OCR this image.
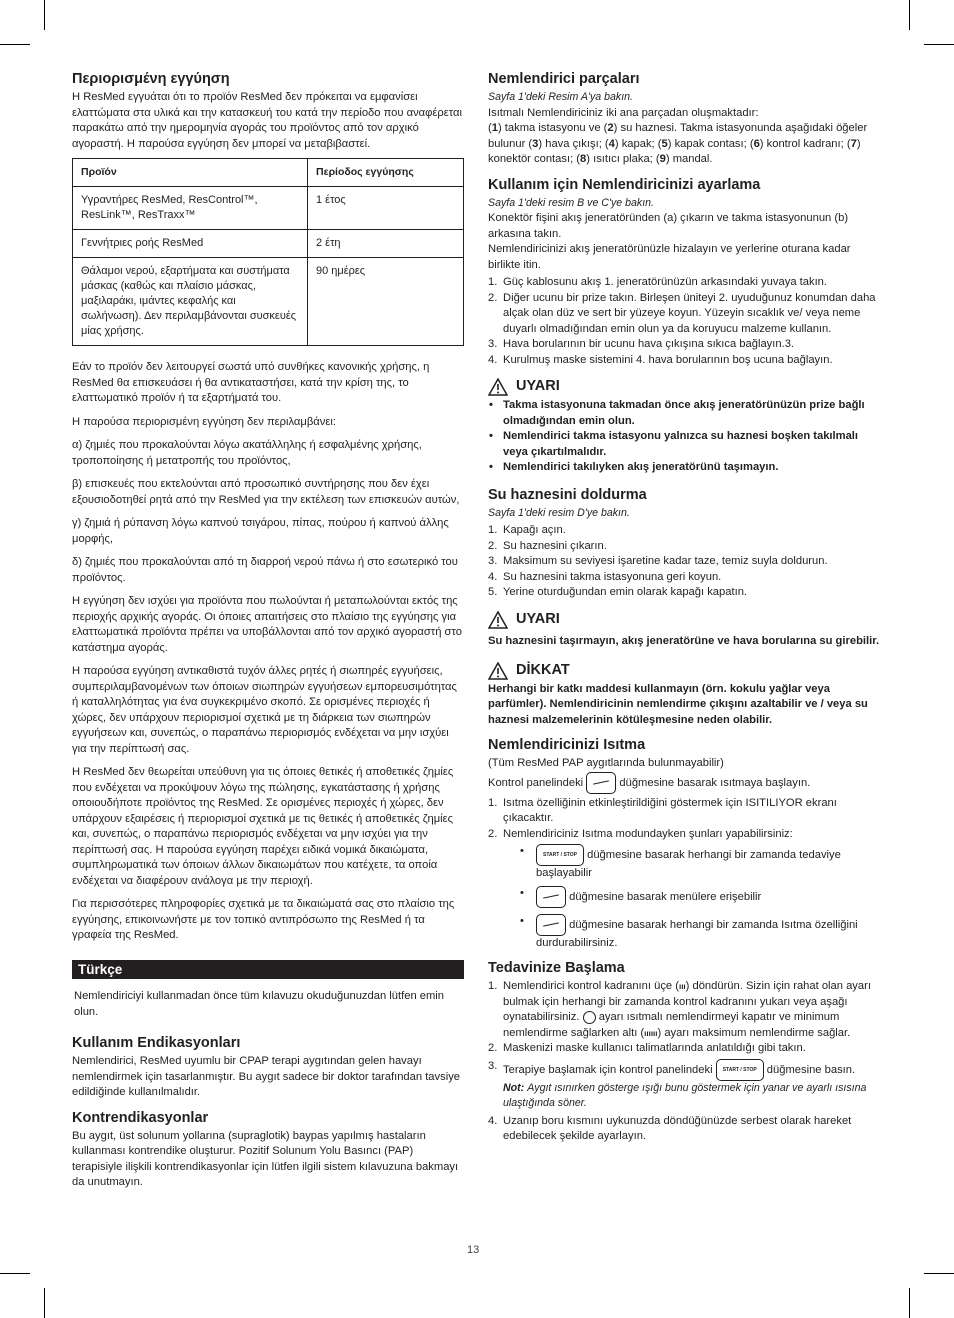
Περιορισμένη εγγύηση

Η ResMed εγγυάται ότι το προϊόν ResMed δεν πρόκειται να εμφανίσει ελαττώματα στα υλικά και την κατασκευή του κατά την περίοδο που αναφέρεται παρακάτω από την ημερομηνία αγοράς του προϊόντος από τον αρχικό αγοραστή. Η παρούσα εγγύηση δεν μπορεί να μεταβιβαστεί.

Προϊόν	Περίοδος εγγύησης
Υγραντήρες ResMed, ResControl™, ResLink™, ResTraxx™	1 έτος
Γεννήτριες ροής ResMed	2 έτη
Θάλαμοι νερού, εξαρτήματα και συστήματα μάσκας (καθώς και πλαίσιο μάσκας, μαξιλαράκι, ιμάντες κεφαλής και σωλήνωση). Δεν περιλαμβάνονται συσκευές μίας χρήσης.	90 ημέρες

Εάν το προϊόν δεν λειτουργεί σωστά υπό συνθήκες κανονικής χρήσης, η ResMed θα επισκευάσει ή θα αντικαταστήσει, κατά την κρίση της, το ελαττωματικό προϊόν ή τα εξαρτήματά του.

Η παρούσα περιορισμένη εγγύηση δεν περιλαμβάνει:

α) ζημιές που προκαλούνται λόγω ακατάλληλης ή εσφαλμένης χρήσης, τροποποίησης ή μετατροπής του προϊόντος,

β) επισκευές που εκτελούνται από προσωπικό συντήρησης που δεν έχει εξουσιοδοτηθεί ρητά από την ResMed για την εκτέλεση των επισκευών αυτών,

γ) ζημιά ή ρύπανση λόγω καπνού τσιγάρου, πίπας, πούρου ή καπνού άλλης μορφής,

δ) ζημιές που προκαλούνται από τη διαρροή νερού πάνω ή στο εσωτερικό του προϊόντος.

Η εγγύηση δεν ισχύει για προϊόντα που πωλούνται ή μεταπωλούνται εκτός της περιοχής αρχικής αγοράς. Οι όποιες απαιτήσεις στο πλαίσιο της εγγύησης για ελαττωματικά προϊόντα πρέπει να υποβάλλονται από τον αρχικό αγοραστή στο κατάστημα αγοράς.

Η παρούσα εγγύηση αντικαθιστά τυχόν άλλες ρητές ή σιωπηρές εγγυήσεις, συμπεριλαμβανομένων των όποιων σιωπηρών εγγυήσεων εμπορευσιμότητας ή καταλληλότητας για ένα συγκεκριμένο σκοπό. Σε ορισμένες περιοχές ή χώρες, δεν υπάρχουν περιορισμοί σχετικά με τη διάρκεια των σιωπηρών εγγυήσεων και, συνεπώς, ο παραπάνω περιορισμός ενδέχεται να μην ισχύει για την περίπτωσή σας.

Η ResMed δεν θεωρείται υπεύθυνη για τις όποιες θετικές ή αποθετικές ζημίες που ενδέχεται να προκύψουν λόγω της πώλησης, εγκατάστασης ή χρήσης οποιουδήποτε προϊόντος της ResMed. Σε ορισμένες περιοχές ή χώρες, δεν υπάρχουν εξαιρέσεις ή περιορισμοί σχετικά με τις θετικές ή αποθετικές ζημίες και, συνεπώς, ο παραπάνω περιορισμός ενδέχεται να μην ισχύει για την περίπτωσή σας. Η παρούσα εγγύηση παρέχει ειδικά νομικά δικαιώματα, συμπληρωματικά των όποιων άλλων δικαιωμάτων που κατέχετε, τα οποία ενδέχεται να διαφέρουν ανάλογα με την περιοχή.

Για περισσότερες πληροφορίες σχετικά με τα δικαιώματά σας στο πλαίσιο της εγγύησης, επικοινωνήστε με τον τοπικό αντιπρόσωπο της ResMed ή τα γραφεία της ResMed.

Türkçe

Nemlendiriciyi kullanmadan önce tüm kılavuzu okuduğunuzdan lütfen emin olun.

Kullanım Endikasyonları

Nemlendirici, ResMed uyumlu bir CPAP terapi aygıtından gelen havayı nemlendirmek için tasarlanmıştır. Bu aygıt sadece bir doktor tarafından tavsiye edildiğinde kullanılmalıdır.

Kontrendikasyonlar

Bu aygıt, üst solunum yollarına (supraglotik) baypas yapılmış hastaların kullanması kontrendike oluşturur. Pozitif Solunum Yolu Basıncı (PAP) terapisiyle ilişkili kontrendikasyonlar için lütfen ilgili sistem kılavuzuna bakmayı da unutmayın.

Nemlendirici parçaları

Sayfa 1'deki Resim A'ya bakın.

Isıtmalı Nemlendiriciniz iki ana parçadan oluşmaktadır:

(1) takma istasyonu ve (2) su haznesi. Takma istasyonunda aşağıdaki öğeler bulunur (3) hava çıkışı; (4) kapak; (5) kapak contası; (6) kontrol kadranı; (7) konektör contası; (8) ısıtıcı plaka; (9) mandal.

Kullanım için Nemlendiricinizi ayarlama

Sayfa 1'deki resim B ve C'ye bakın.

Konektör fişini akış jeneratöründen (a) çıkarın ve takma istasyonunun (b) arkasına takın.

Nemlendiricinizi akış jeneratörünüzle hizalayın ve yerlerine oturana kadar birlikte itin.

1. Güç kablosunu akış 1. jeneratörünüzün arkasındaki yuvaya takın.
2. Diğer ucunu bir prize takın. Birleşen üniteyi 2. uyuduğunuz konumdan daha alçak olan düz ve sert bir yüzeye koyun. Yüzeyin sıcaklık ve/ veya neme duyarlı olmadığından emin olun ya da koruyucu malzeme kullanın.
3. Hava borularının bir ucunu hava çıkışına sıkıca bağlayın.3.
4. Kurulmuş maske sistemini 4. hava borularının boş ucuna bağlayın.
UYARI
• Takma istasyonuna takmadan önce akış jeneratörünüzün prize bağlı olmadığından emin olun.
• Nemlendirici takma istasyonu yalnızca su haznesi boşken takılmalı veya çıkartılmalıdır.
• Nemlendirici takılıyken akış jeneratörünü taşımayın.
Su haznesini doldurma

Sayfa 1'deki resim D'ye bakın.

1. Kapağı açın.
2. Su haznesini çıkarın.
3. Maksimum su seviyesi işaretine kadar taze, temiz suyla doldurun.
4. Su haznesini takma istasyonuna geri koyun.
5. Yerine oturduğundan emin olarak kapağı kapatın.
UYARI

Su haznesini taşırmayın, akış jeneratörüne ve hava borularına su girebilir.

DİKKAT

Herhangi bir katkı maddesi kullanmayın (örn. kokulu yağlar veya parfümler). Nemlendiricinin nemlendirme çıkışını azaltabilir ve / veya su haznesi malzemelerinin kötüleşmesine neden olabilir.

Nemlendiricinizi Isıtma

(Tüm ResMed PAP aygıtlarında bulunmayabilir)

Kontrol panelindeki	düğmesine basarak ısıtmaya başlayın.

1. Isıtma özelliğinin etkinleştirildiğini göstermek için ISITILIYOR ekranı çıkacaktır.
2. Nemlendiriciniz Isıtma modundayken şunları yapabilirsiniz:

•	START / STOP düğmesine basarak herhangi bir zamanda tedaviye başlayabilir

•	düğmesine basarak menülere erişebilir

•	düğmesine basarak herhangi bir zamanda Isıtma özelliğini durdurabilirsiniz.

Tedavinize Başlama
1. Nemlendirici kontrol kadranını üçe (ııı) döndürün. Sizin için rahat olan ayarı bulmak için herhangi bir zamanda kontrol kadranını yukarı veya aşağı oynatabilirsiniz. ayarı ısıtmalı nemlendirmeyi kapatır ve minimum nemlendirme sağlarken altı (ıııııı) ayarı maksimum nemlendirme sağlar.
2. Maskenizi maske kullanıcı talimatlarında anlatıldığı gibi takın.
3. Terapiye başlamak için kontrol panelindeki START / STOP düğmesine basın.
Not: Aygıt ısınırken gösterge ışığı bunu göstermek için yanar ve ayarlı ısısına ulaştığında söner.
4. Uzanıp boru kısmını uykunuzda döndüğünüzde serbest olarak hareket edebilecek şekilde ayarlayın.
13
